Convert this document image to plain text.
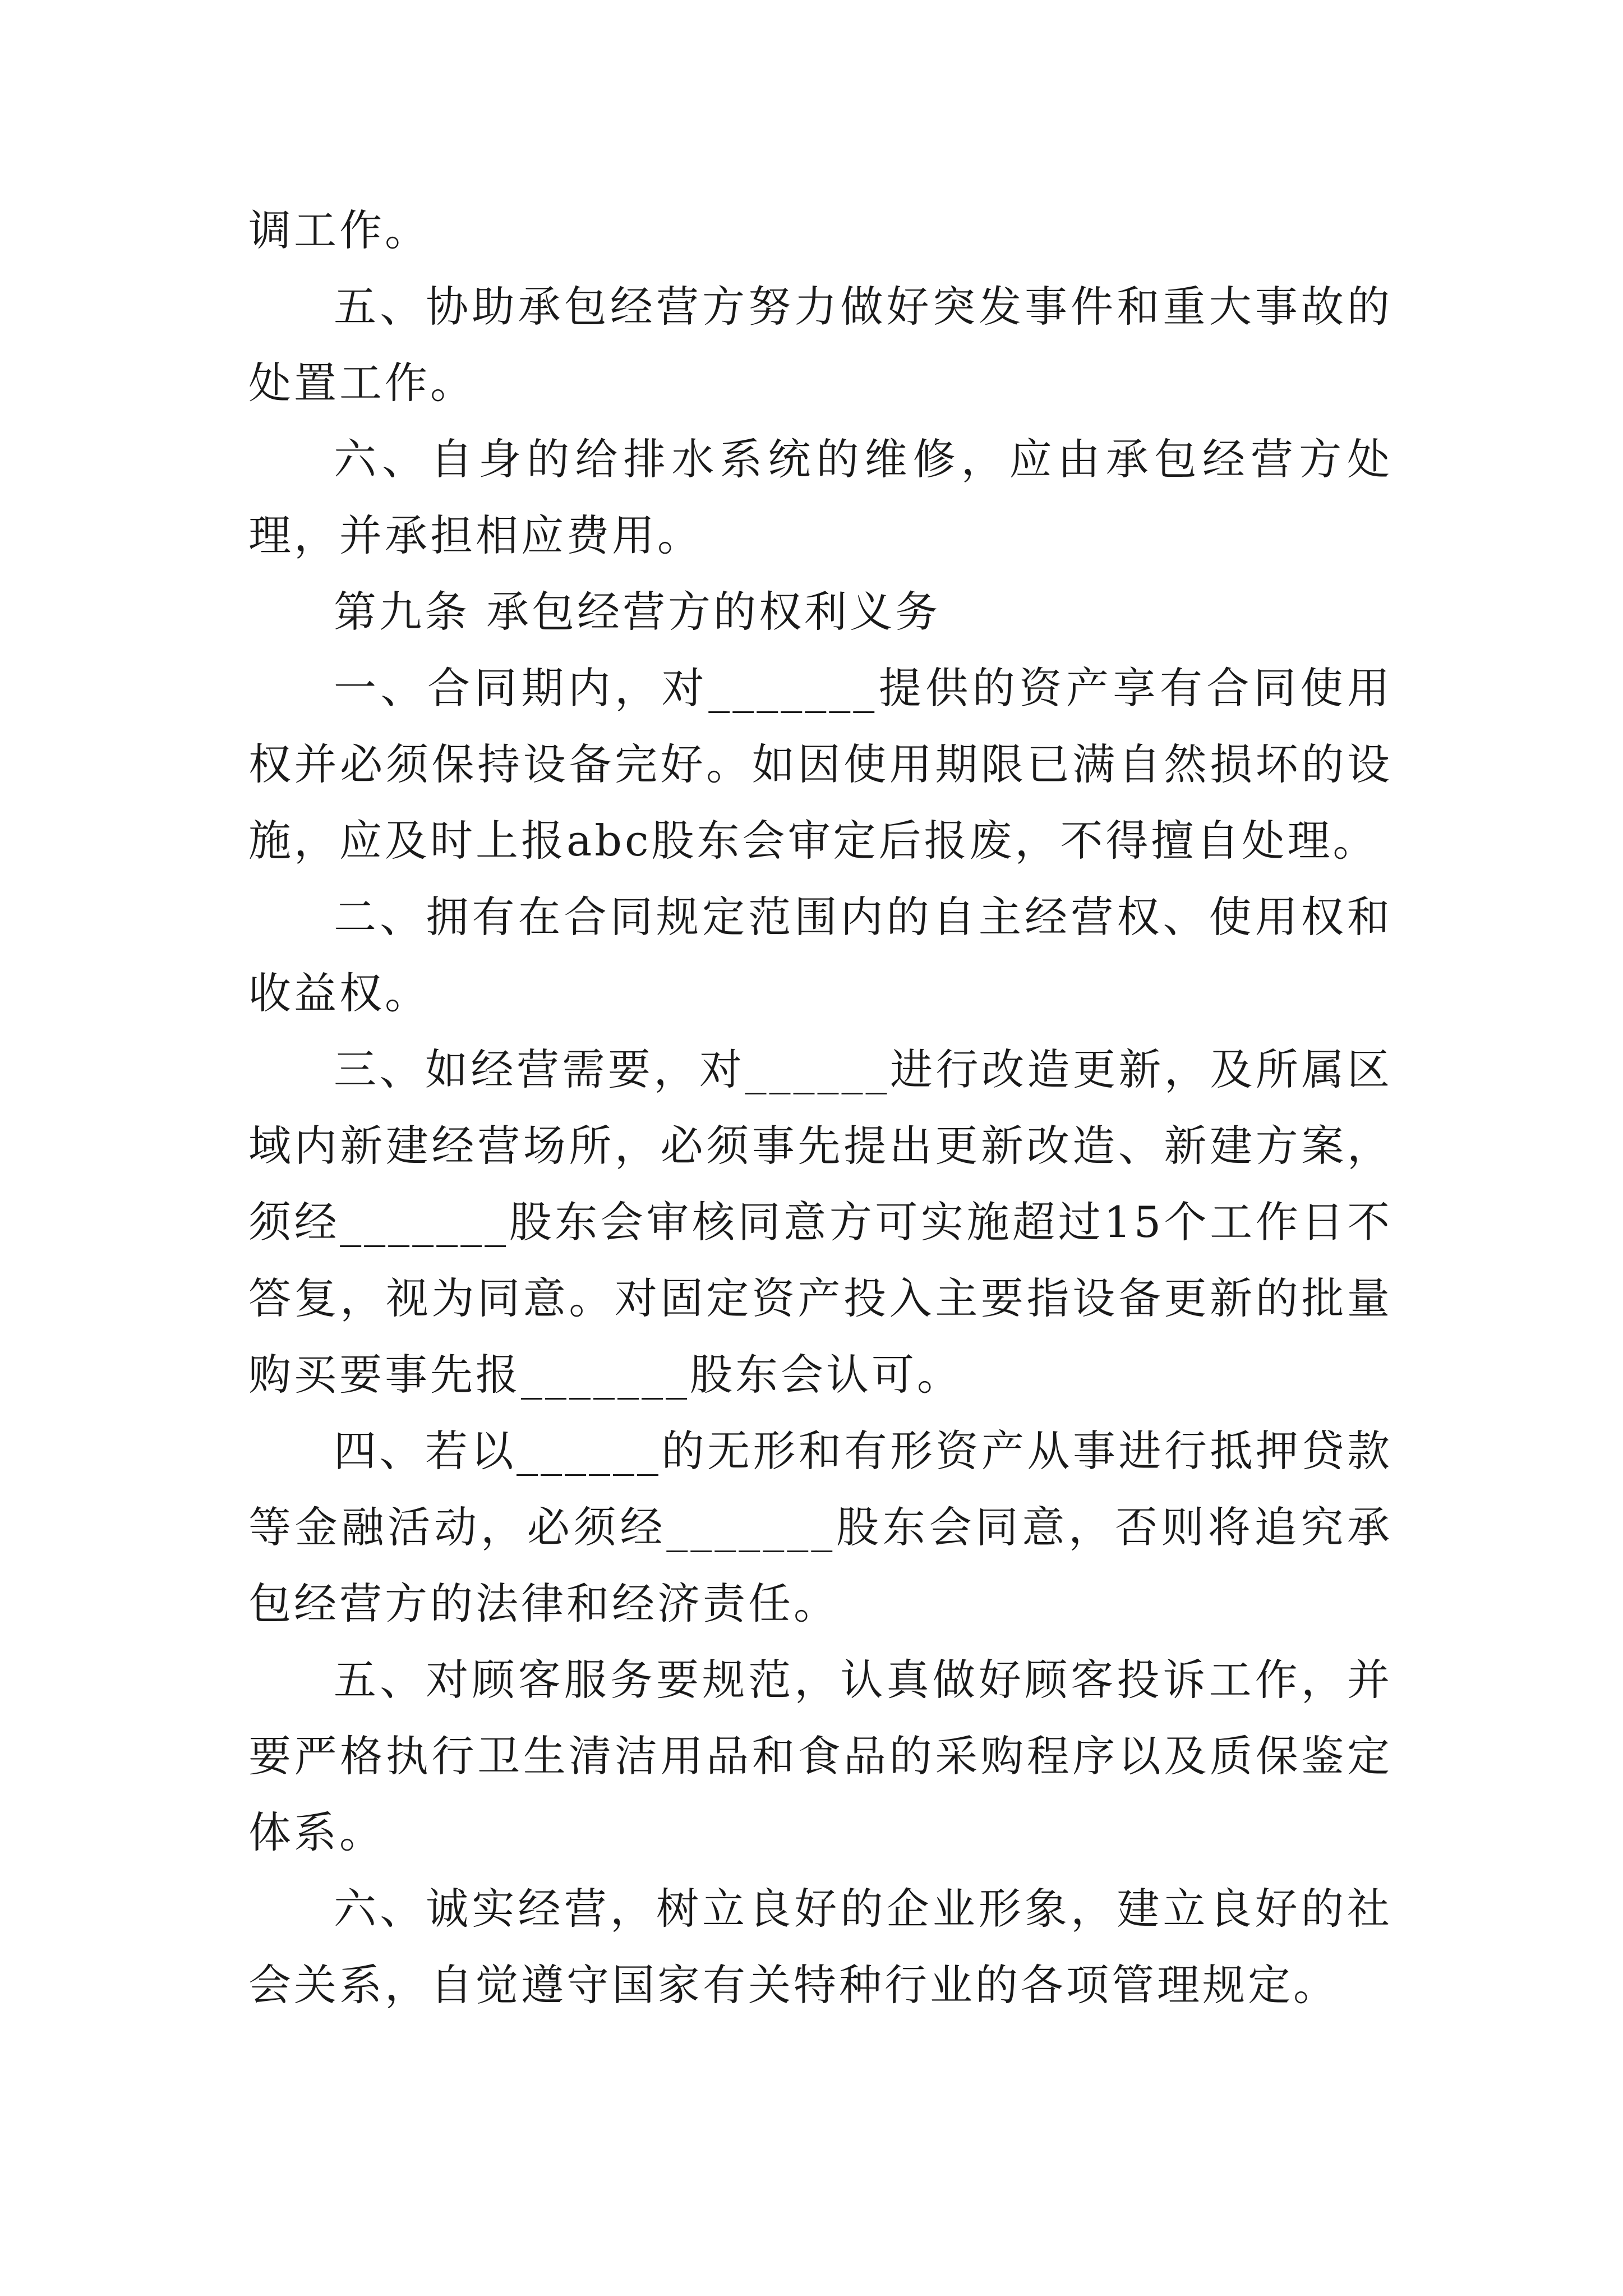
调工作。

五、协助承包经营方努力做好突发事件和重大事故的处置工作。

六、自身的给排水系统的维修，应由承包经营方处理，并承担相应费用。

第九条 承包经营方的权利义务

一、合同期内，对_______提供的资产享有合同使用权并必须保持设备完好。如因使用期限已满自然损坏的设施，应及时上报abc股东会审定后报废，不得擅自处理。

二、拥有在合同规定范围内的自主经营权、使用权和收益权。

三、如经营需要，对______进行改造更新，及所属区域内新建经营场所，必须事先提出更新改造、新建方案，须经_______股东会审核同意方可实施超过15个工作日不答复，视为同意。对固定资产投入主要指设备更新的批量购买要事先报_______股东会认可。

四、若以______的无形和有形资产从事进行抵押贷款等金融活动，必须经_______股东会同意，否则将追究承包经营方的法律和经济责任。

五、对顾客服务要规范，认真做好顾客投诉工作，并要严格执行卫生清洁用品和食品的采购程序以及质保鉴定体系。

六、诚实经营，树立良好的企业形象，建立良好的社会关系，自觉遵守国家有关特种行业的各项管理规定。
